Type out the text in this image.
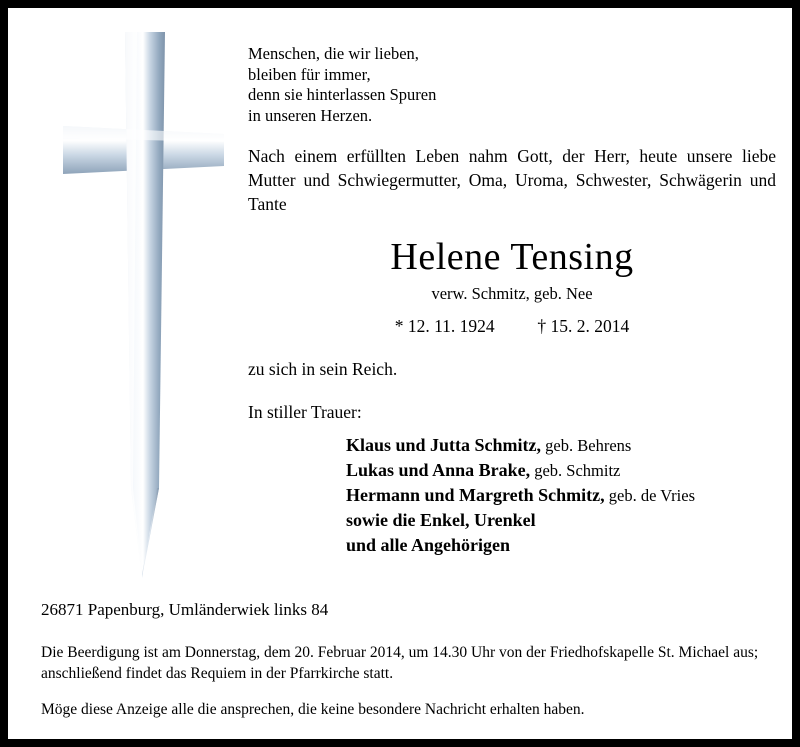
Menschen, die wir lieben,
bleiben für immer,
denn sie hinterlassen Spuren
in unseren Herzen.
Nach einem erfüllten Leben nahm Gott, der Herr, heute unsere liebe Mutter und Schwiegermutter, Oma, Uroma, Schwester, Schwägerin und Tante
Helene Tensing
verw. Schmitz, geb. Nee
* 12. 11. 1924 † 15. 2. 2014
zu sich in sein Reich.
In stiller Trauer:
Klaus und Jutta Schmitz, geb. Behrens
Lukas und Anna Brake, geb. Schmitz
Hermann und Margreth Schmitz, geb. de Vries
sowie die Enkel, Urenkel
und alle Angehörigen
26871 Papenburg, Umländerwiek links 84
Die Beerdigung ist am Donnerstag, dem 20. Februar 2014, um 14.30 Uhr von der Friedhofskapelle St. Michael aus; anschließend findet das Requiem in der Pfarrkirche statt.
Möge diese Anzeige alle die ansprechen, die keine besondere Nachricht erhalten haben.
